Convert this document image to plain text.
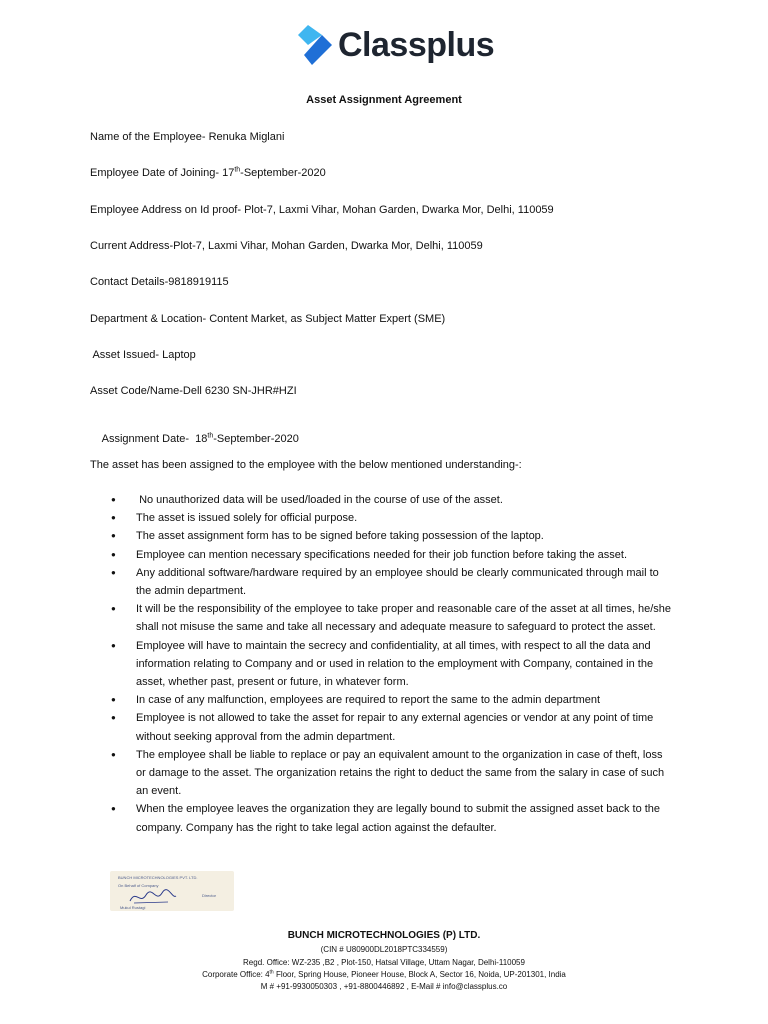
Classplus
Asset Assignment Agreement
Name of the Employee- Renuka Miglani
Employee Date of Joining- 17th-September-2020
Employee Address on Id proof- Plot-7, Laxmi Vihar, Mohan Garden, Dwarka Mor, Delhi, 110059
Current Address-Plot-7, Laxmi Vihar, Mohan Garden, Dwarka Mor, Delhi, 110059
Contact Details-9818919115
Department & Location- Content Market, as Subject Matter Expert (SME)
Asset Issued- Laptop
Asset Code/Name-Dell 6230 SN-JHR#HZI

Assignment Date-  18th-September-2020

The asset has been assigned to the employee with the below mentioned understanding-:
●  No unauthorized data will be used/loaded in the course of use of the asset.
● The asset is issued solely for official purpose.
● The asset assignment form has to be signed before taking possession of the laptop.
● Employee can mention necessary specifications needed for their job function before taking the asset.
● Any additional software/hardware required by an employee should be clearly communicated through mail to the admin department.
● It will be the responsibility of the employee to take proper and reasonable care of the asset at all times, he/she shall not misuse the same and take all necessary and adequate measure to safeguard to protect the asset.
● Employee will have to maintain the secrecy and confidentiality, at all times, with respect to all the data and information relating to Company and or used in relation to the employment with Company, contained in the asset, whether past, present or future, in whatever form.
● In case of any malfunction, employees are required to report the same to the admin department
● Employee is not allowed to take the asset for repair to any external agencies or vendor at any point of time without seeking approval from the admin department.
● The employee shall be liable to replace or pay an equivalent amount to the organization in case of theft, loss or damage to the asset. The organization retains the right to deduct the same from the salary in case of such an event.
● When the employee leaves the organization they are legally bound to submit the assigned asset back to the company. Company has the right to take legal action against the defaulter.
BUNCH MICROTECHNOLOGIES PVT. LTD.
On Behalf of Company
Director
Mukul Rustagi
BUNCH MICROTECHNOLOGIES (P) LTD.
(CIN # U80900DL2018PTC334559)
Regd. Office: WZ-235 ,B2 , Plot-150, Hatsal Village, Uttam Nagar, Delhi-110059
Corporate Office: 4th Floor, Spring House, Pioneer House, Block A, Sector 16, Noida, UP-201301, India
M # +91-9930050303 , +91-8800446892 , E-Mail # info@classplus.co
